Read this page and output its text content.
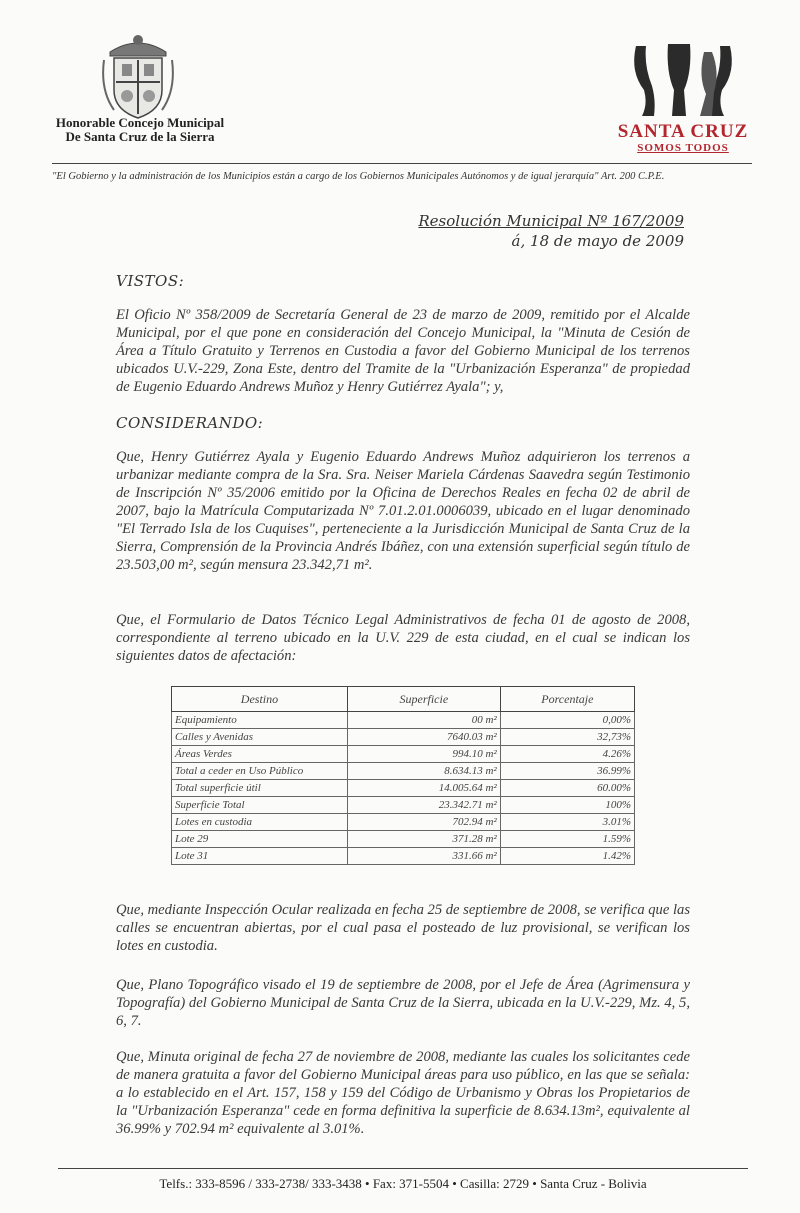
Honorable Concejo Municipal
De Santa Cruz de la Sierra	SANTA CRUZ
SOMOS TODOS
"El Gobierno y la administración de los Municipios están a cargo de los Gobiernos Municipales Autónomos y de igual jerarquía" Art. 200 C.P.E.
Resolución Municipal Nº 167/2009
á, 18 de mayo de 2009
VISTOS:
El Oficio Nº 358/2009 de Secretaría General de 23 de marzo de 2009, remitido por el Alcalde Municipal, por el que pone en consideración del Concejo Municipal, la "Minuta de Cesión de Área a Título Gratuito y Terrenos en Custodia a favor del Gobierno Municipal de los terrenos ubicados U.V.-229, Zona Este, dentro del Tramite de la "Urbanización Esperanza" de propiedad de Eugenio Eduardo Andrews Muñoz y Henry Gutiérrez Ayala"; y,
CONSIDERANDO:
Que, Henry Gutiérrez Ayala y Eugenio Eduardo Andrews Muñoz adquirieron los terrenos a urbanizar mediante compra de la Sra. Sra. Neiser Mariela Cárdenas Saavedra según Testimonio de Inscripción Nº 35/2006 emitido por la Oficina de Derechos Reales en fecha 02 de abril de 2007, bajo la Matrícula Computarizada Nº 7.01.2.01.0006039, ubicado en el lugar denominado "El Terrado Isla de los Cuquises", perteneciente a la Jurisdicción Municipal de Santa Cruz de la Sierra, Comprensión de la Provincia Andrés Ibáñez, con una extensión superficial según título de 23.503,00 m², según mensura 23.342,71 m².
Que, el Formulario de Datos Técnico Legal Administrativos de fecha 01 de agosto de 2008, correspondiente al terreno ubicado en la U.V. 229 de esta ciudad, en el cual se indican los siguientes datos de afectación:
Destino	Superficie	Porcentaje
Equipamiento	00 m²	0,00%
Calles y Avenidas	7640.03 m²	32,73%
Áreas Verdes	994.10 m²	4.26%
Total a ceder en Uso Público	8.634.13 m²	36.99%
Total superficie útil	14.005.64 m²	60.00%
Superficie Total	23.342.71 m²	100%
Lotes en custodia	702.94 m²	3.01%
Lote 29	371.28 m²	1.59%
Lote 31	331.66 m²	1.42%
Que, mediante Inspección Ocular realizada en fecha 25 de septiembre de 2008, se verifica que las calles se encuentran abiertas, por el cual pasa el posteado de luz provisional, se verifican los lotes en custodia.
Que, Plano Topográfico visado el 19 de septiembre de 2008, por el Jefe de Área (Agrimensura y Topografía) del Gobierno Municipal de Santa Cruz de la Sierra, ubicada en la U.V.-229, Mz. 4, 5, 6, 7.
Que, Minuta original de fecha 27 de noviembre de 2008, mediante las cuales los solicitantes cede de manera gratuita a favor del Gobierno Municipal áreas para uso público, en las que se señala: a lo establecido en el Art. 157, 158 y 159 del Código de Urbanismo y Obras los Propietarios de la "Urbanización Esperanza" cede en forma definitiva la superficie de 8.634.13m², equivalente al 36.99% y 702.94 m² equivalente al 3.01%.
Telfs.: 333-8596 / 333-2738/ 333-3438 • Fax: 371-5504 • Casilla: 2729 • Santa Cruz - Bolivia
